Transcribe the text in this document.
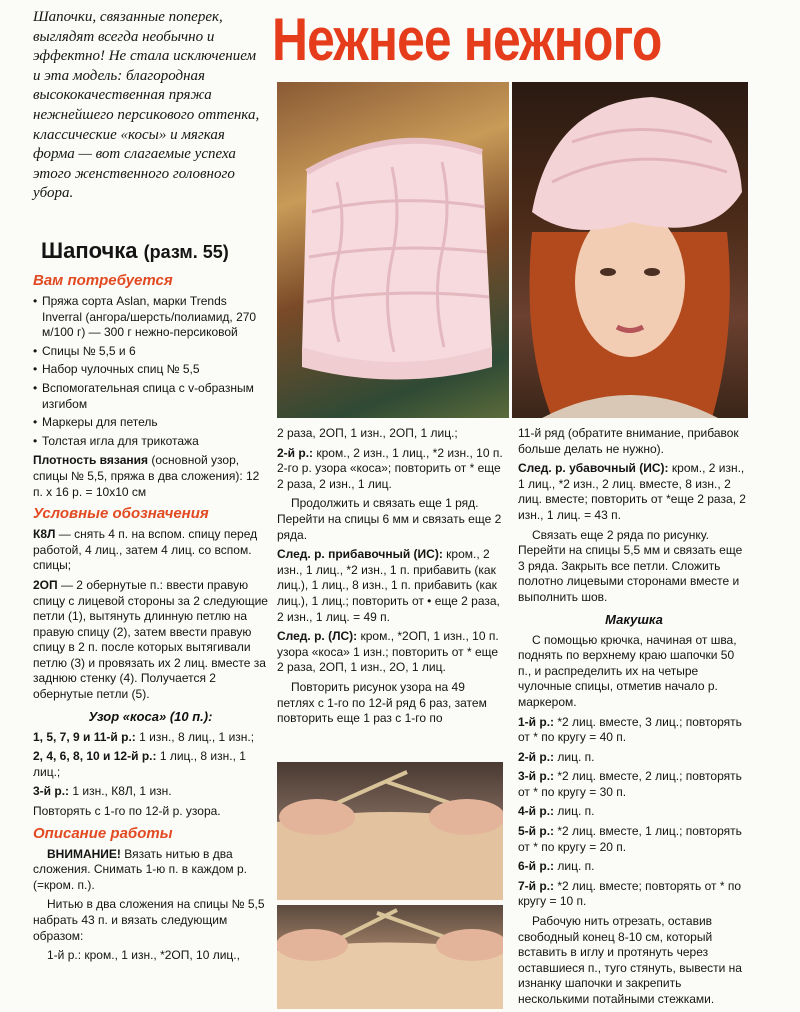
Шапочки, связанные поперек, выглядят всегда необычно и эффектно! Не стала исключением и эта модель: благородная высококачественная пряжа нежнейшего персикового оттенка, классические «косы» и мягкая форма — вот слагаемые успеха этого женственного головного убора.

Нежнее нежного
Шапочка (разм. 55)
Вам потребуется
• Пряжа сорта Aslan, марки Trends Inverral (ангора/шерсть/полиамид, 270 м/100 г) — 300 г нежно-персиковой
• Спицы № 5,5 и 6
• Набор чулочных спиц № 5,5
• Вспомогательная спица с v-образным изгибом
• Маркеры для петель
• Толстая игла для трикотажа

Плотность вязания (основной узор, спицы № 5,5, пряжа в два сложения): 12 п. х 16 р. = 10х10 см

Условные обозначения

К8Л — снять 4 п. на вспом. спицу перед работой, 4 лиц., затем 4 лиц. со вспом. спицы;

2ОП — 2 обернутые п.: ввести правую спицу с лицевой стороны за 2 следующие петли (1), вытянуть длинную петлю на правую спицу (2), затем ввести правую спицу в 2 п. после которых вытягивали петлю (3) и провязать их 2 лиц. вместе за заднюю стенку (4). Получается 2 обернутые петли (5).

Узор «коса» (10 п.):

1, 5, 7, 9 и 11-й р.: 1 изн., 8 лиц., 1 изн.;

2, 4, 6, 8, 10 и 12-й р.: 1 лиц., 8 изн., 1 лиц.;

3-й р.: 1 изн., К8Л, 1 изн.

Повторять с 1-го по 12-й р. узора.

Описание работы

ВНИМАНИЕ! Вязать нитью в два сложения. Снимать 1-ю п. в каждом р. (=кром. п.).

Нитью в два сложения на спицы № 5,5 набрать 43 п. и вязать следующим образом:

1-й р.: кром., 1 изн., *2ОП, 10 лиц.,

2 раза, 2ОП, 1 изн., 2ОП, 1 лиц.;

2-й р.: кром., 2 изн., 1 лиц., *2 изн., 10 п. 2-го р. узора «коса»; повторить от * еще 2 раза, 2 изн., 1 лиц.

Продолжить и связать еще 1 ряд. Перейти на спицы 6 мм и связать еще 2 ряда.

След. р. прибавочный (ИС): кром., 2 изн., 1 лиц., *2 изн., 1 п. прибавить (как лиц.), 1 лиц., 8 изн., 1 п. прибавить (как лиц.), 1 лиц.; повторить от • еще 2 раза, 2 изн., 1 лиц. = 49 п.

След. р. (ЛС): кром., *2ОП, 1 изн., 10 п. узора «коса» 1 изн.; повторить от * еще 2 раза, 2ОП, 1 изн., 2О, 1 лиц.

Повторить рисунок узора на 49 петлях с 1-го по 12-й ряд 6 раз, затем повторить еще 1 раз с 1-го по

11-й ряд (обратите внимание, прибавок больше делать не нужно).

След. р. убавочный (ИС): кром., 2 изн., 1 лиц., *2 изн., 2 лиц. вместе, 8 изн., 2 лиц. вместе; повторить от *еще 2 раза, 2 изн., 1 лиц. = 43 п.

Связать еще 2 ряда по рисунку. Перейти на спицы 5,5 мм и связать еще 3 ряда. Закрыть все петли. Сложить полотно лицевыми сторонами вместе и выполнить шов.

Макушка

С помощью крючка, начиная от шва, поднять по верхнему краю шапочки 50 п., и распределить их на четыре чулочные спицы, отметив начало р. маркером.

1-й р.: *2 лиц. вместе, 3 лиц.; повторять от * по кругу = 40 п.

2-й р.: лиц. п.

3-й р.: *2 лиц. вместе, 2 лиц.; повторять от * по кругу = 30 п.

4-й р.: лиц. п.

5-й р.: *2 лиц. вместе, 1 лиц.; повторять от * по кругу = 20 п.

6-й р.: лиц. п.

7-й р.: *2 лиц. вместе; повторять от * по кругу = 10 п.

Рабочую нить отрезать, оставив свободный конец 8-10 см, который вставить в иглу и протянуть через оставшиеся п., туго стянуть, вывести на изнанку шапочки и закрепить несколькими потайными стежками.
